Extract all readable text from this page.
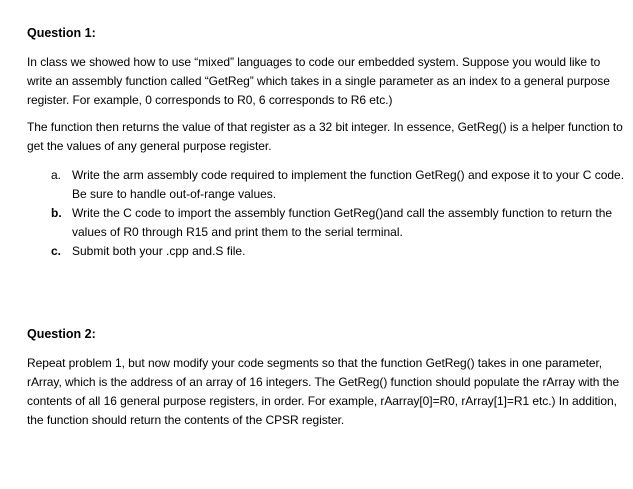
Question 1:

In class we showed how to use “mixed” languages to code our embedded system. Suppose you would like to write an assembly function called “GetReg” which takes in a single parameter as an index to a general purpose register. For example, 0 corresponds to R0, 6 corresponds to R6 etc.)

The function then returns the value of that register as a 32 bit integer. In essence, GetReg() is a helper function to get the values of any general purpose register.

a. Write the arm assembly code required to implement the function GetReg() and expose it to your C code. Be sure to handle out-of-range values.
b. Write the C code to import the assembly function GetReg()and call the assembly function to return the values of R0 through R15 and print them to the serial terminal.
c. Submit both your .cpp and.S file.
Question 2:

Repeat problem 1, but now modify your code segments so that the function GetReg() takes in one parameter, rArray, which is the address of an array of 16 integers. The GetReg() function should populate the rArray with the contents of all 16 general purpose registers, in order. For example, rAarray[0]=R0, rArray[1]=R1 etc.) In addition, the function should return the contents of the CPSR register.
